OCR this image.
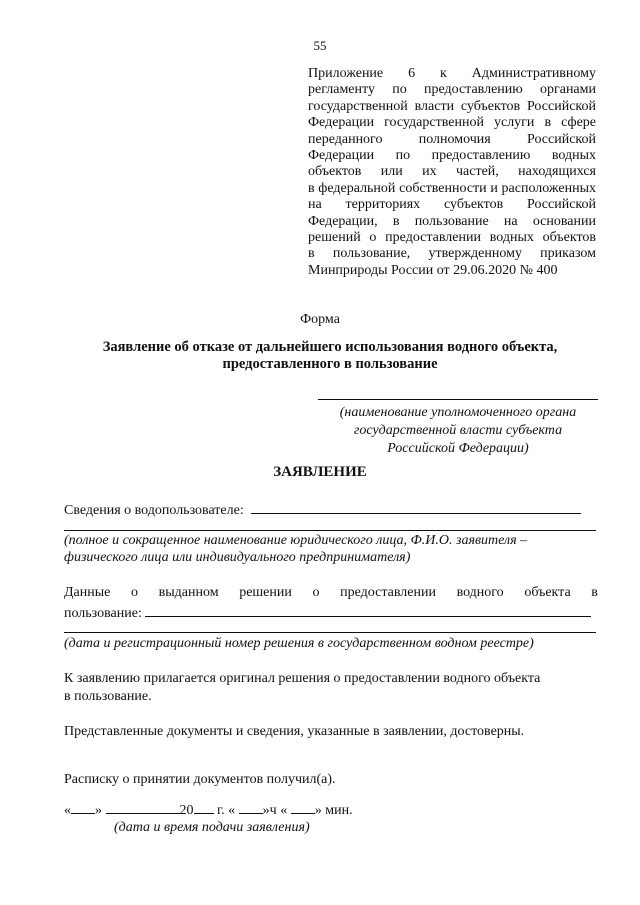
55
Приложение 6 к Административному
регламенту по предоставлению органами
государственной власти субъектов Российской
Федерации государственной услуги в сфере
переданного полномочия Российской
Федерации по предоставлению водных
объектов или их частей, находящихся
в федеральной собственности и расположенных
на территориях субъектов Российской
Федерации, в пользование на основании
решений о предоставлении водных объектов
в пользование, утвержденному приказом
Минприроды России от 29.06.2020 № 400
Форма
Заявление об отказе от дальнейшего использования водного объекта,
предоставленного в пользование
(наименование уполномоченного органа
государственной власти субъекта
Российской Федерации)
ЗАЯВЛЕНИЕ
Сведения о водопользователе:
(полное и сокращенное наименование юридического лица, Ф.И.О. заявителя –
физического лица или индивидуального предпринимателя)
Данные о выданном решении о предоставлении водного объекта в
пользование:
(дата и регистрационный номер решения в государственном водном реестре)
К заявлению прилагается оригинал решения о предоставлении водного объекта
в пользование.
Представленные документы и сведения, указанные в заявлении, достоверны.
Расписку о принятии документов получил(а).
« »	20 г. « »ч « » мин.
(дата и время подачи заявления)
